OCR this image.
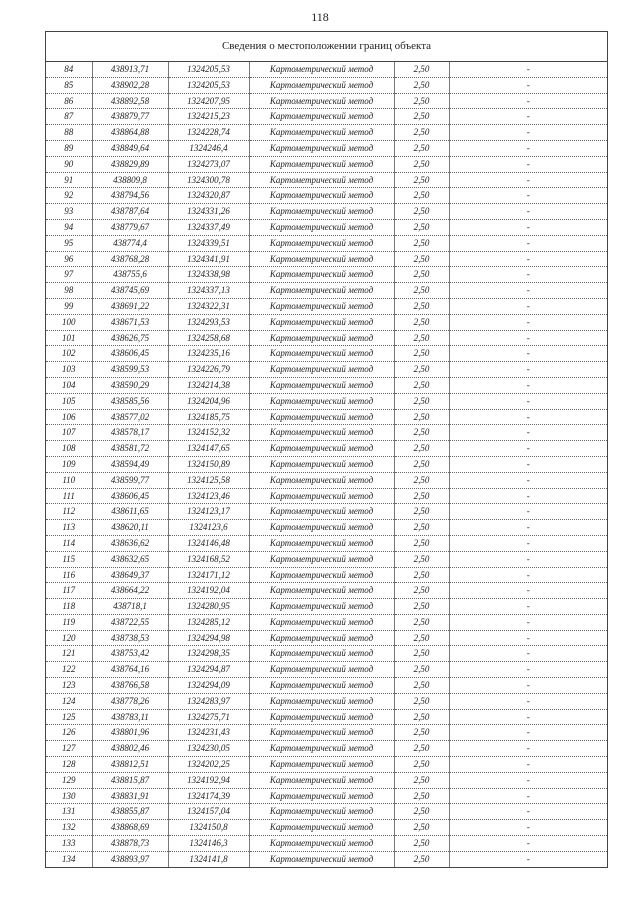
118
Сведения о местоположении границ объекта
84	438913,71	1324205,53	Картометрический метод	2,50	-
85	438902,28	1324205,53	Картометрический метод	2,50	-
86	438892,58	1324207,95	Картометрический метод	2,50	-
87	438879,77	1324215,23	Картометрический метод	2,50	-
88	438864,88	1324228,74	Картометрический метод	2,50	-
89	438849,64	1324246,4	Картометрический метод	2,50	-
90	438829,89	1324273,07	Картометрический метод	2,50	-
91	438809,8	1324300,78	Картометрический метод	2,50	-
92	438794,56	1324320,87	Картометрический метод	2,50	-
93	438787,64	1324331,26	Картометрический метод	2,50	-
94	438779,67	1324337,49	Картометрический метод	2,50	-
95	438774,4	1324339,51	Картометрический метод	2,50	-
96	438768,28	1324341,91	Картометрический метод	2,50	-
97	438755,6	1324338,98	Картометрический метод	2,50	-
98	438745,69	1324337,13	Картометрический метод	2,50	-
99	438691,22	1324322,31	Картометрический метод	2,50	-
100	438671,53	1324293,53	Картометрический метод	2,50	-
101	438626,75	1324258,68	Картометрический метод	2,50	-
102	438606,45	1324235,16	Картометрический метод	2,50	-
103	438599,53	1324226,79	Картометрический метод	2,50	-
104	438590,29	1324214,38	Картометрический метод	2,50	-
105	438585,56	1324204,96	Картометрический метод	2,50	-
106	438577,02	1324185,75	Картометрический метод	2,50	-
107	438578,17	1324152,32	Картометрический метод	2,50	-
108	438581,72	1324147,65	Картометрический метод	2,50	-
109	438594,49	1324150,89	Картометрический метод	2,50	-
110	438599,77	1324125,58	Картометрический метод	2,50	-
111	438606,45	1324123,46	Картометрический метод	2,50	-
112	438611,65	1324123,17	Картометрический метод	2,50	-
113	438620,11	1324123,6	Картометрический метод	2,50	-
114	438636,62	1324146,48	Картометрический метод	2,50	-
115	438632,65	1324168,52	Картометрический метод	2,50	-
116	438649,37	1324171,12	Картометрический метод	2,50	-
117	438664,22	1324192,04	Картометрический метод	2,50	-
118	438718,1	1324280,95	Картометрический метод	2,50	-
119	438722,55	1324285,12	Картометрический метод	2,50	-
120	438738,53	1324294,98	Картометрический метод	2,50	-
121	438753,42	1324298,35	Картометрический метод	2,50	-
122	438764,16	1324294,87	Картометрический метод	2,50	-
123	438766,58	1324294,09	Картометрический метод	2,50	-
124	438778,26	1324283,97	Картометрический метод	2,50	-
125	438783,11	1324275,71	Картометрический метод	2,50	-
126	438801,96	1324231,43	Картометрический метод	2,50	-
127	438802,46	1324230,05	Картометрический метод	2,50	-
128	438812,51	1324202,25	Картометрический метод	2,50	-
129	438815,87	1324192,94	Картометрический метод	2,50	-
130	438831,91	1324174,39	Картометрический метод	2,50	-
131	438855,87	1324157,04	Картометрический метод	2,50	-
132	438868,69	1324150,8	Картометрический метод	2,50	-
133	438878,73	1324146,3	Картометрический метод	2,50	-
134	438893,97	1324141,8	Картометрический метод	2,50	-
